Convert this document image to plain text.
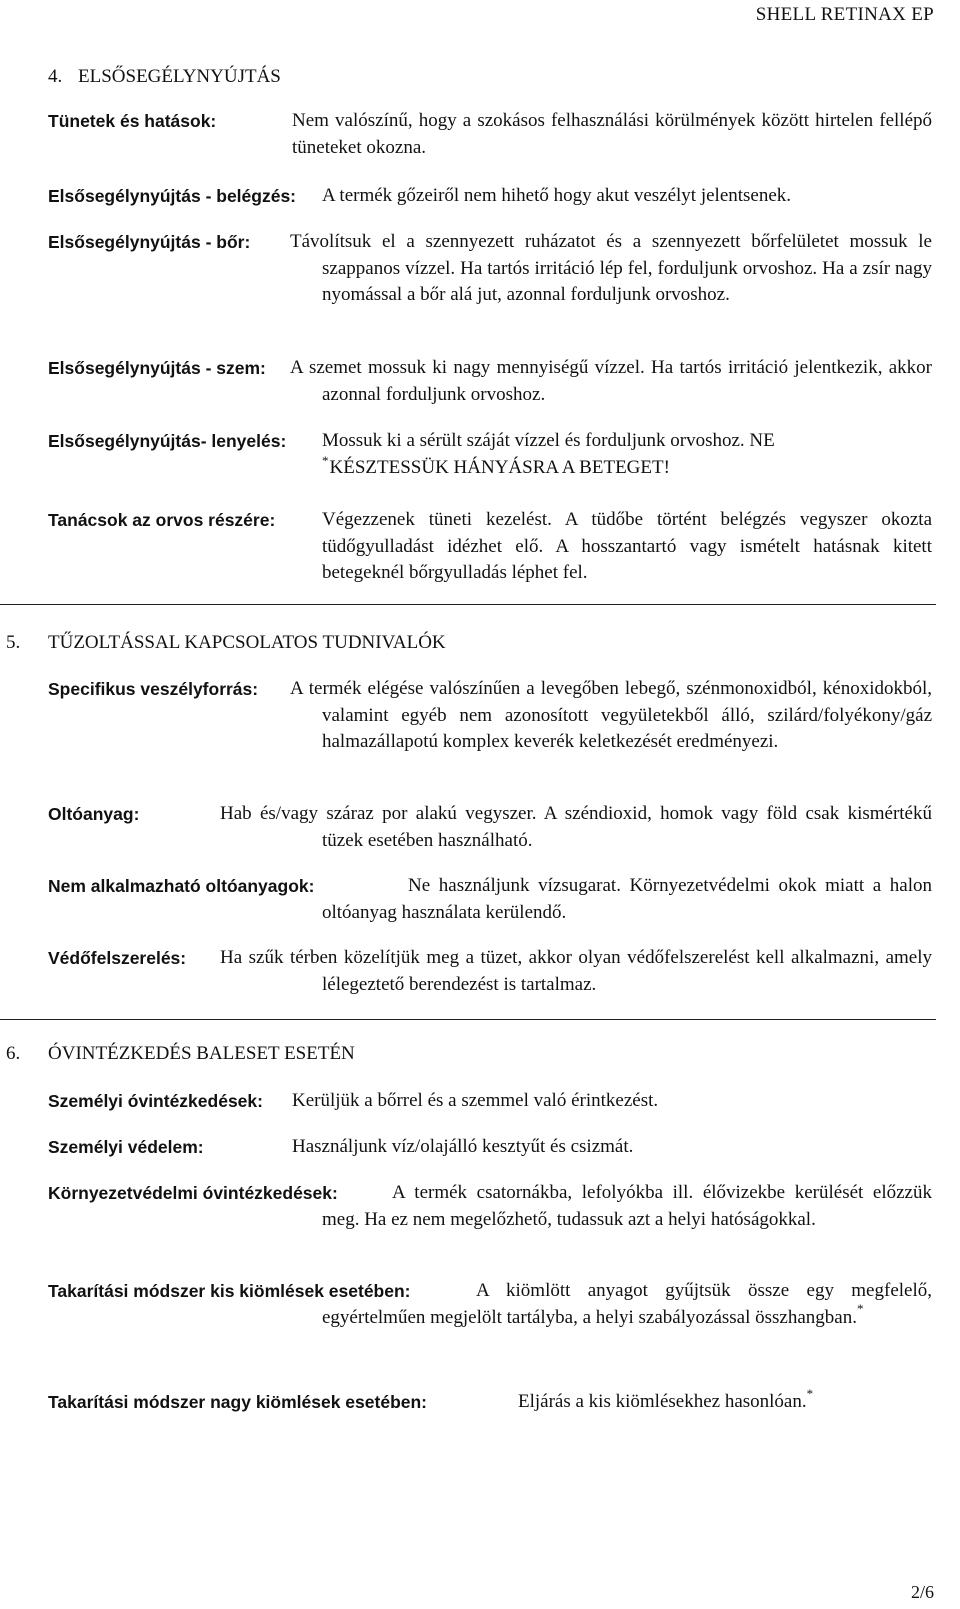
SHELL RETINAX EP
4. ELSŐSEGÉLYNYÚJTÁS
Tünetek és hatások:	Nem valószínű, hogy a szokásos felhasználási körülmények között hirtelen fellépő tüneteket okozna.
Elsősegélynyújtás - belégzés: A termék gőzeiről nem hihető hogy akut veszélyt jelentsenek.
Elsősegélynyújtás - bőr: Távolítsuk el a szennyezett ruházatot és a szennyezett bőrfelületet mossuk le szappanos vízzel. Ha tartós irritáció lép fel, forduljunk orvoshoz. Ha a zsír nagy nyomással a bőr alá jut, azonnal forduljunk orvoshoz.
Elsősegélynyújtás - szem: A szemet mossuk ki nagy mennyiségű vízzel. Ha tartós irritáció jelentkezik, akkor azonnal forduljunk orvoshoz.
Elsősegélynyújtás- lenyelés: Mossuk ki a sérült száját vízzel és forduljunk orvoshoz. NE
*KÉSZTESSÜK HÁNYÁSRA A BETEGET!
Tanácsok az orvos részére: Végezzenek tüneti kezelést. A tüdőbe történt belégzés vegyszer okozta tüdőgyulladást idézhet elő. A hosszantartó vagy ismételt hatásnak kitett betegeknél bőrgyulladás léphet fel.
5. TŰZOLTÁSSAL KAPCSOLATOS TUDNIVALÓK
Specifikus veszélyforrás: A termék elégése valószínűen a levegőben lebegő, szénmonoxidból, kénoxidokból, valamint egyéb nem azonosított vegyületekből álló, szilárd/folyékony/gáz halmazállapotú komplex keverék keletkezését eredményezi.
Oltóanyag:	Hab és/vagy száraz por alakú vegyszer. A széndioxid, homok vagy föld csak kismértékű tüzek esetében használható.
Nem alkalmazható oltóanyagok:	Ne használjunk vízsugarat. Környezetvédelmi okok miatt a halon oltóanyag használata kerülendő.
Védőfelszerelés: Ha szűk térben közelítjük meg a tüzet, akkor olyan védőfelszerelést kell alkalmazni, amely lélegeztető berendezést is tartalmaz.
6. ÓVINTÉZKEDÉS BALESET ESETÉN
Személyi óvintézkedések: Kerüljük a bőrrel és a szemmel való érintkezést.
Személyi védelem:	Használjunk víz/olajálló kesztyűt és csizmát.
Környezetvédelmi óvintézkedések:	A termék csatornákba, lefolyókba ill. élővizekbe kerülését előzzük meg. Ha ez nem megelőzhető, tudassuk azt a helyi hatóságokkal.
Takarítási módszer kis kiömlések esetében:	A kiömlött anyagot gyűjtsük össze egy megfelelő, egyértelműen megjelölt tartályba, a helyi szabályozással összhangban.*
Takarítási módszer nagy kiömlések esetében:	Eljárás a kis kiömlésekhez hasonlóan.*
2/6
